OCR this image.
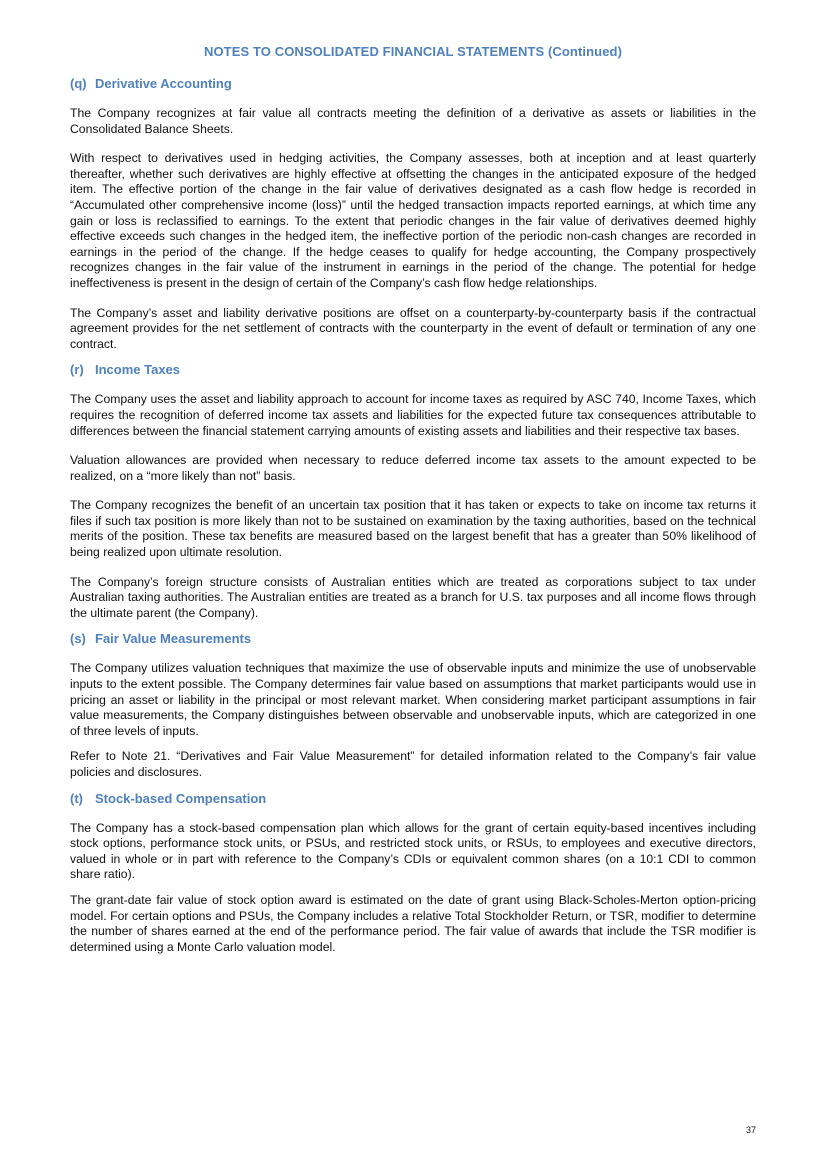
NOTES TO CONSOLIDATED FINANCIAL STATEMENTS (Continued)
(q) Derivative Accounting

The Company recognizes at fair value all contracts meeting the definition of a derivative as assets or liabilities in the Consolidated Balance Sheets.

With respect to derivatives used in hedging activities, the Company assesses, both at inception and at least quarterly thereafter, whether such derivatives are highly effective at offsetting the changes in the anticipated exposure of the hedged item. The effective portion of the change in the fair value of derivatives designated as a cash flow hedge is recorded in “Accumulated other comprehensive income (loss)” until the hedged transaction impacts reported earnings, at which time any gain or loss is reclassified to earnings. To the extent that periodic changes in the fair value of derivatives deemed highly effective exceeds such changes in the hedged item, the ineffective portion of the periodic non-cash changes are recorded in earnings in the period of the change. If the hedge ceases to qualify for hedge accounting, the Company prospectively recognizes changes in the fair value of the instrument in earnings in the period of the change. The potential for hedge ineffectiveness is present in the design of certain of the Company’s cash flow hedge relationships.

The Company’s asset and liability derivative positions are offset on a counterparty-by-counterparty basis if the contractual agreement provides for the net settlement of contracts with the counterparty in the event of default or termination of any one contract.

(r) Income Taxes

The Company uses the asset and liability approach to account for income taxes as required by ASC 740, Income Taxes, which requires the recognition of deferred income tax assets and liabilities for the expected future tax consequences attributable to differences between the financial statement carrying amounts of existing assets and liabilities and their respective tax bases.

Valuation allowances are provided when necessary to reduce deferred income tax assets to the amount expected to be realized, on a “more likely than not” basis.

The Company recognizes the benefit of an uncertain tax position that it has taken or expects to take on income tax returns it files if such tax position is more likely than not to be sustained on examination by the taxing authorities, based on the technical merits of the position. These tax benefits are measured based on the largest benefit that has a greater than 50% likelihood of being realized upon ultimate resolution.

The Company’s foreign structure consists of Australian entities which are treated as corporations subject to tax under Australian taxing authorities. The Australian entities are treated as a branch for U.S. tax purposes and all income flows through the ultimate parent (the Company).

(s) Fair Value Measurements

The Company utilizes valuation techniques that maximize the use of observable inputs and minimize the use of unobservable inputs to the extent possible. The Company determines fair value based on assumptions that market participants would use in pricing an asset or liability in the principal or most relevant market. When considering market participant assumptions in fair value measurements, the Company distinguishes between observable and unobservable inputs, which are categorized in one of three levels of inputs.

Refer to Note 21. “Derivatives and Fair Value Measurement” for detailed information related to the Company’s fair value policies and disclosures.

(t) Stock-based Compensation

The Company has a stock-based compensation plan which allows for the grant of certain equity-based incentives including stock options, performance stock units, or PSUs, and restricted stock units, or RSUs, to employees and executive directors, valued in whole or in part with reference to the Company’s CDIs or equivalent common shares (on a 10:1 CDI to common share ratio).

The grant-date fair value of stock option award is estimated on the date of grant using Black-Scholes-Merton option-pricing model. For certain options and PSUs, the Company includes a relative Total Stockholder Return, or TSR, modifier to determine the number of shares earned at the end of the performance period. The fair value of awards that include the TSR modifier is determined using a Monte Carlo valuation model.

37
